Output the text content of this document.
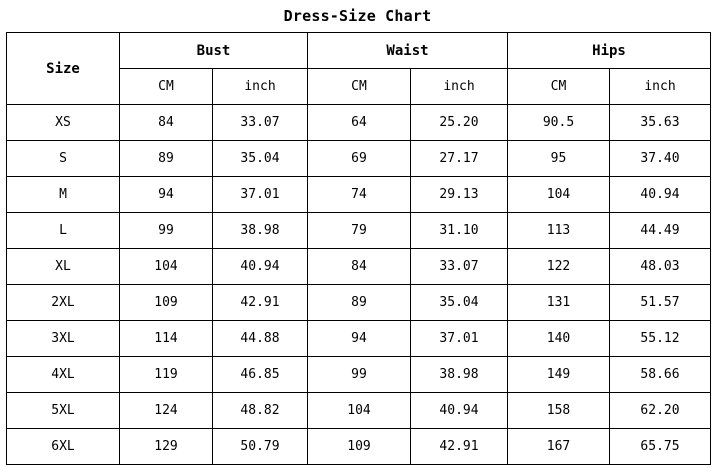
Dress-Size Chart
Size	Bust		Waist		Hips	
	CM	inch	CM	inch	CM	inch
XS	84	33.07	64	25.20	90.5	35.63
S	89	35.04	69	27.17	95	37.40
M	94	37.01	74	29.13	104	40.94
L	99	38.98	79	31.10	113	44.49
XL	104	40.94	84	33.07	122	48.03
2XL	109	42.91	89	35.04	131	51.57
3XL	114	44.88	94	37.01	140	55.12
4XL	119	46.85	99	38.98	149	58.66
5XL	124	48.82	104	40.94	158	62.20
6XL	129	50.79	109	42.91	167	65.75
